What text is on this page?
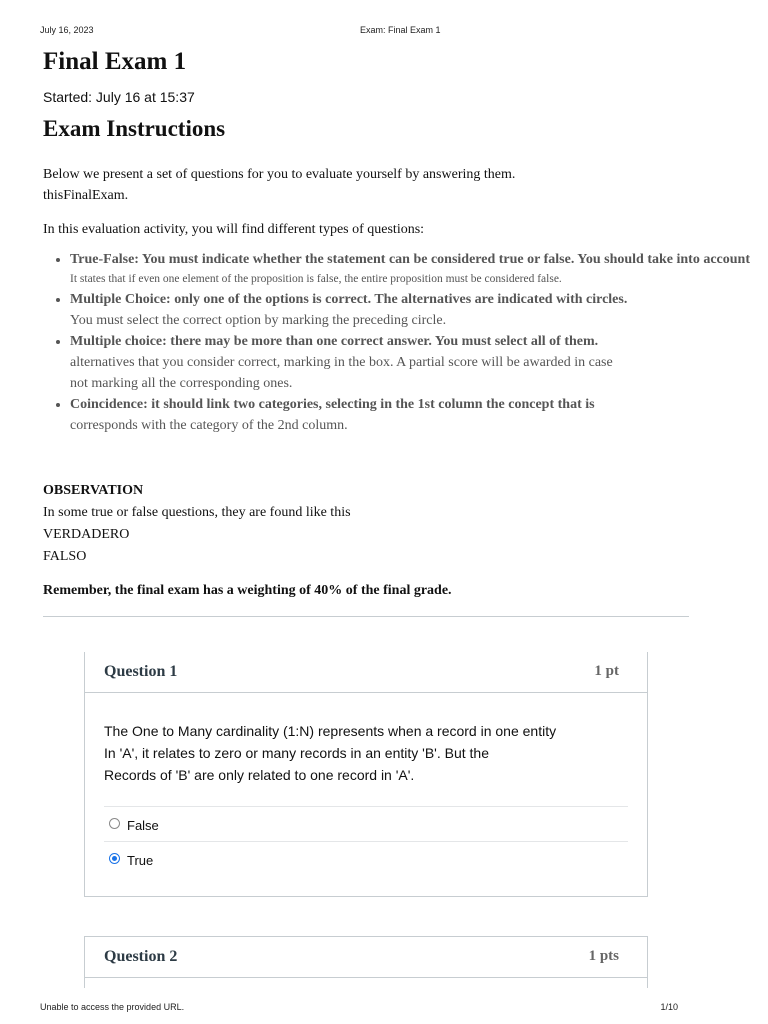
July 16, 2023	Exam: Final Exam 1
Final Exam 1
Started: July 16 at 15:37
Exam Instructions
Below we present a set of questions for you to evaluate yourself by answering them.
thisFinalExam.

In this evaluation activity, you will find different types of questions:

• True-False: You must indicate whether the statement can be considered true or false. You should take into account
It states that if even one element of the proposition is false, the entire proposition must be considered false.
• Multiple Choice: only one of the options is correct. The alternatives are indicated with circles.
You must select the correct option by marking the preceding circle.
• Multiple choice: there may be more than one correct answer. You must select all of them.
alternatives that you consider correct, marking in the box. A partial score will be awarded in case
not marking all the corresponding ones.
• Coincidence: it should link two categories, selecting in the 1st column the concept that is
corresponds with the category of the 2nd column.
OBSERVATION
In some true or false questions, they are found like this
VERDADERO
FALSO
Remember, the final exam has a weighting of 40% of the final grade.
Question 1	1 pt
The One to Many cardinality (1:N) represents when a record in one entity
In 'A', it relates to zero or many records in an entity 'B'. But the
Records of 'B' are only related to one record in 'A'.
False
True
Question 2	1 pts
Unable to access the provided URL.	1/10
